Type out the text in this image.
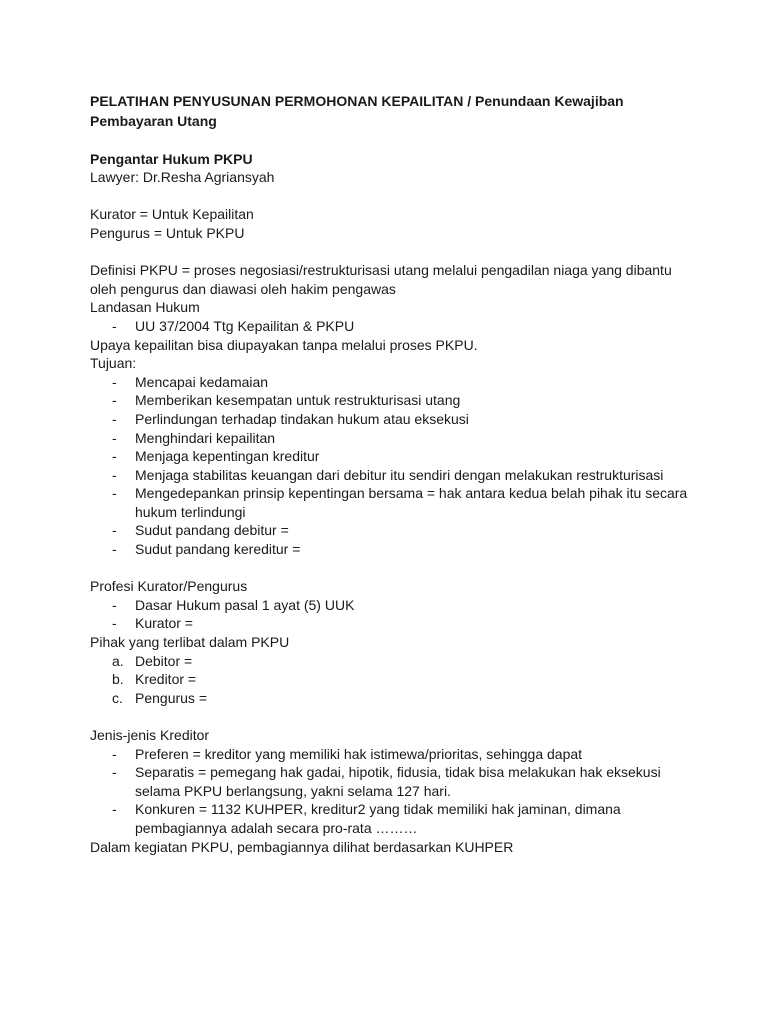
PELATIHAN PENYUSUNAN PERMOHONAN KEPAILITAN / Penundaan Kewajiban Pembayaran Utang

Pengantar Hukum PKPU

Lawyer: Dr.Resha Agriansyah

Kurator = Untuk Kepailitan

Pengurus = Untuk PKPU

Definisi PKPU = proses negosiasi/restrukturisasi utang melalui pengadilan niaga yang dibantu oleh pengurus dan diawasi oleh hakim pengawas

Landasan Hukum

- UU 37/2004 Ttg Kepailitan & PKPU

Upaya kepailitan bisa diupayakan tanpa melalui proses PKPU.

Tujuan:

- Mencapai kedamaian
- Memberikan kesempatan untuk restrukturisasi utang
- Perlindungan terhadap tindakan hukum atau eksekusi
- Menghindari kepailitan
- Menjaga kepentingan kreditur
- Menjaga stabilitas keuangan dari debitur itu sendiri dengan melakukan restrukturisasi
- Mengedepankan prinsip kepentingan bersama = hak antara kedua belah pihak itu secara hukum terlindungi
- Sudut pandang debitur =
- Sudut pandang kereditur =

Profesi Kurator/Pengurus

- Dasar Hukum pasal 1 ayat (5) UUK
- Kurator =

Pihak yang terlibat dalam PKPU

a. Debitor =
b. Kreditor =
c. Pengurus =

Jenis-jenis Kreditor

- Preferen = kreditor yang memiliki hak istimewa/prioritas, sehingga dapat
- Separatis = pemegang hak gadai, hipotik, fidusia, tidak bisa melakukan hak eksekusi selama PKPU berlangsung, yakni selama 127 hari.
- Konkuren = 1132 KUHPER, kreditur2 yang tidak memiliki hak jaminan, dimana pembagiannya adalah secara pro-rata ………

Dalam kegiatan PKPU, pembagiannya dilihat berdasarkan KUHPER
